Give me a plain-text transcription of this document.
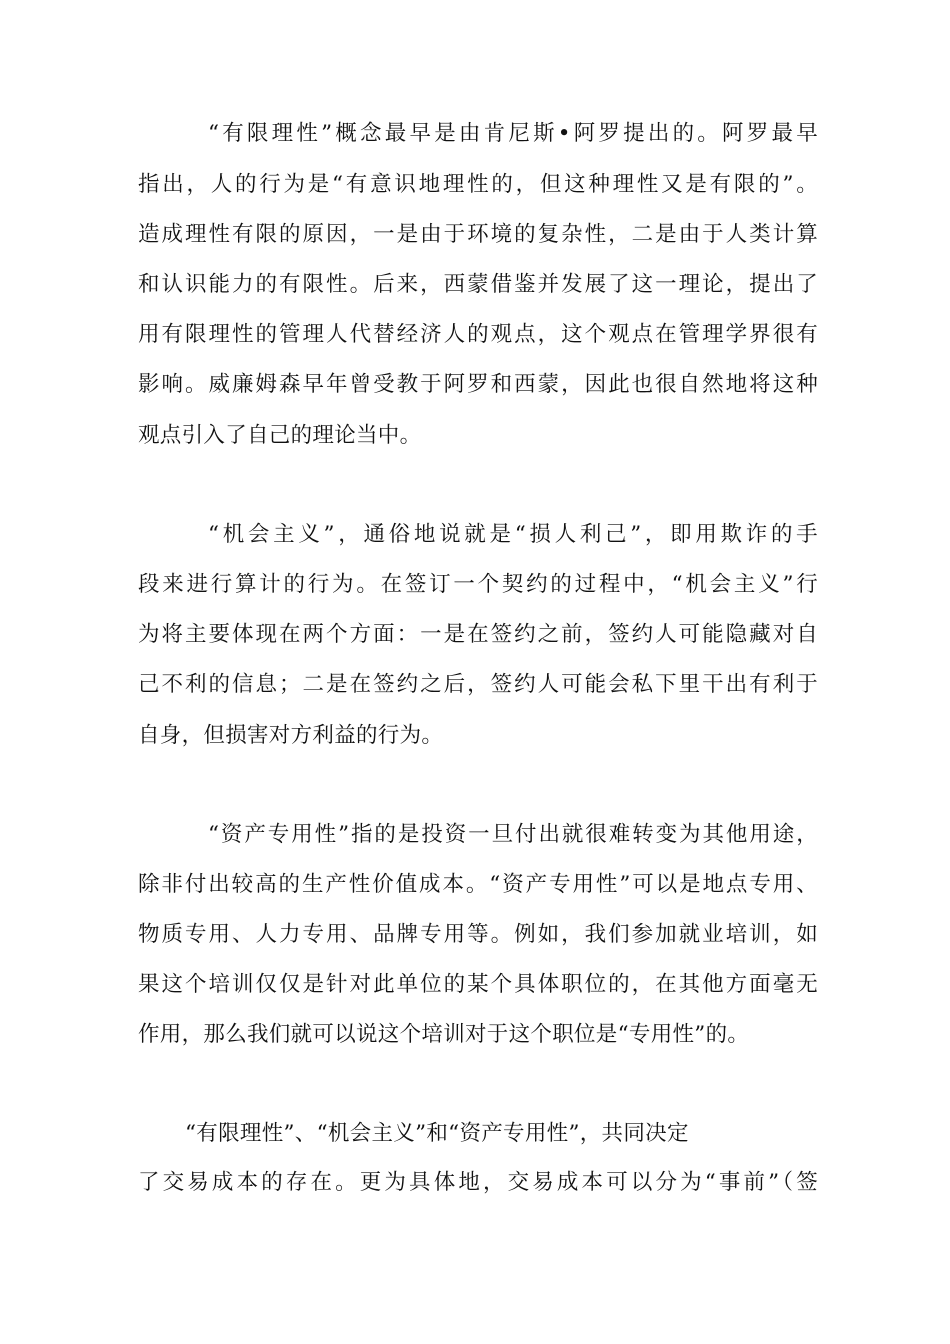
“有限理性”概念最早是由肯尼斯•阿罗提出的。阿罗最早
指出，人的行为是“有意识地理性的，但这种理性又是有限的”。
造成理性有限的原因，一是由于环境的复杂性，二是由于人类计算
和认识能力的有限性。后来，西蒙借鉴并发展了这一理论，提出了
用有限理性的管理人代替经济人的观点，这个观点在管理学界很有
影响。威廉姆森早年曾受教于阿罗和西蒙，因此也很自然地将这种
观点引入了自己的理论当中。
“机会主义”，通俗地说就是“损人利己”，即用欺诈的手
段来进行算计的行为。在签订一个契约的过程中，“机会主义”行
为将主要体现在两个方面：一是在签约之前，签约人可能隐藏对自
己不利的信息；二是在签约之后，签约人可能会私下里干出有利于
自身，但损害对方利益的行为。
“资产专用性”指的是投资一旦付出就很难转变为其他用途，
除非付出较高的生产性价值成本。“资产专用性”可以是地点专用、
物质专用、人力专用、品牌专用等。例如，我们参加就业培训，如
果这个培训仅仅是针对此单位的某个具体职位的，在其他方面毫无
作用，那么我们就可以说这个培训对于这个职位是“专用性”的。
“有限理性”、“机会主义”和“资产专用性”，共同决定
了交易成本的存在。更为具体地，交易成本可以分为“事前”（签
